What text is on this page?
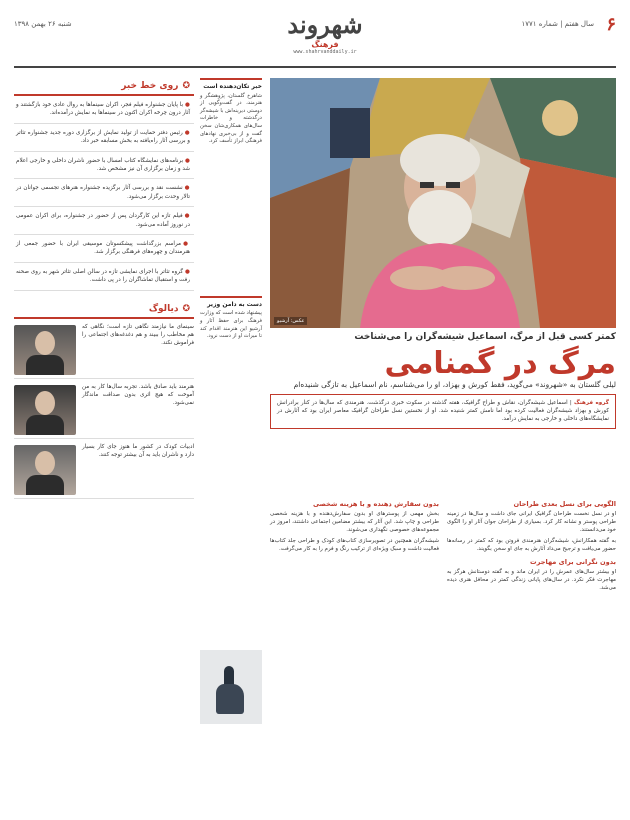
۶
سال هفتم | شماره ۱۷۷۱
شهروند
فرهنگ
www.shahrvanddaily.ir
شنبه ۲۶ بهمن ۱۳۹۸
✪روی خط خبر
●با پایان جشنواره فیلم فجر، اکران سینماها به روال عادی خود بازگشتند و آثار درون چرخه اکران اکنون در سینماها به نمایش درآمده‌اند.
●رئیس دفتر حمایت از تولید نمایش از برگزاری دوره جدید جشنواره تئاتر و بررسی آثار راه‌یافته به بخش مسابقه خبر داد.
●برنامه‌های نمایشگاه کتاب امسال با حضور ناشران داخلی و خارجی اعلام شد و زمان برگزاری آن نیز مشخص شد.
●نشست نقد و بررسی آثار برگزیده جشنواره هنرهای تجسمی جوانان در تالار وحدت برگزار می‌شود.
●فیلم تازه این کارگردان پس از حضور در جشنواره، برای اکران عمومی در نوروز آماده می‌شود.
●مراسم بزرگداشت پیشکسوتان موسیقی ایران با حضور جمعی از هنرمندان و چهره‌های فرهنگی برگزار شد.
●گروه تئاتر با اجرای نمایشی تازه در سالن اصلی تئاتر شهر به روی صحنه رفت و استقبال تماشاگران را در پی داشت.
✪دیالوگ
سینمای ما نیازمند نگاهی تازه است؛ نگاهی که هم مخاطب را ببیند و هم دغدغه‌های اجتماعی را فراموش نکند.
هنرمند باید صادق باشد. تجربه سال‌ها کار به من آموخت که هیچ اثری بدون صداقت ماندگار نمی‌شود.
ادبیات کودک در کشور ما هنوز جای کار بسیار دارد و ناشران باید به آن بیشتر توجه کنند.
خبر تکان‌دهنده است
شاهرخ گلستان، پژوهشگر و هنرمند، در گفت‌وگویی از دوستی دیرینه‌اش با شیشه‌گر درگذشته و خاطرات سال‌های همکاری‌شان سخن گفت و از بی‌خبری نهادهای فرهنگی ابراز تأسف کرد.
دست به دامن وزیر
پیشنهاد شده است که وزارت فرهنگ برای حفظ آثار و آرشیو این هنرمند اقدام کند تا میراث او از دست نرود.
عکس: آرشیو
کمتر کسی قبل از مرگ، اسماعیل شیشه‌گران را می‌شناخت
مرگ در گمنامی
لیلی گلستان به «شهروند» می‌گوید، فقط کورش و بهزاد، او را می‌شناسم، نام اسماعیل به تازگی شنیده‌ام
گروه فرهنگ | اسماعیل شیشه‌گران، نقاش و طراح گرافیک، هفته گذشته در سکوت خبری درگذشت. هنرمندی که سال‌ها در کنار برادرانش کورش و بهزاد شیشه‌گران فعالیت کرده بود اما نامش کمتر شنیده شد. او از نخستین نسل طراحان گرافیک معاصر ایران بود که آثارش در نمایشگاه‌های داخلی و خارجی به نمایش درآمد.
الگویی برای نسل بعدی طراحان

او در نسل نخست طراحان گرافیک ایرانی جای داشت و سال‌ها در زمینه طراحی پوستر و نشانه کار کرد. بسیاری از طراحان جوان آثار او را الگوی خود می‌دانستند.

به گفته همکارانش، شیشه‌گران هنرمندی فروتن بود که کمتر در رسانه‌ها حضور می‌یافت و ترجیح می‌داد آثارش به جای او سخن بگویند.

بدون نگرانی برای مهاجرت

او بیشتر سال‌های عمرش را در ایران ماند و به گفته دوستانش هرگز به مهاجرت فکر نکرد. در سال‌های پایانی زندگی کمتر در محافل هنری دیده می‌شد.

بدون سفارش دهنده و با هزینه شخصی

بخش مهمی از پوسترهای او بدون سفارش‌دهنده و با هزینه شخصی طراحی و چاپ شد. این آثار که بیشتر مضامین اجتماعی داشتند، امروز در مجموعه‌های خصوصی نگهداری می‌شوند.

شیشه‌گران همچنین در تصویرسازی کتاب‌های کودک و طراحی جلد کتاب‌ها فعالیت داشت و سبک ویژه‌ای از ترکیب رنگ و فرم را به کار می‌گرفت.
